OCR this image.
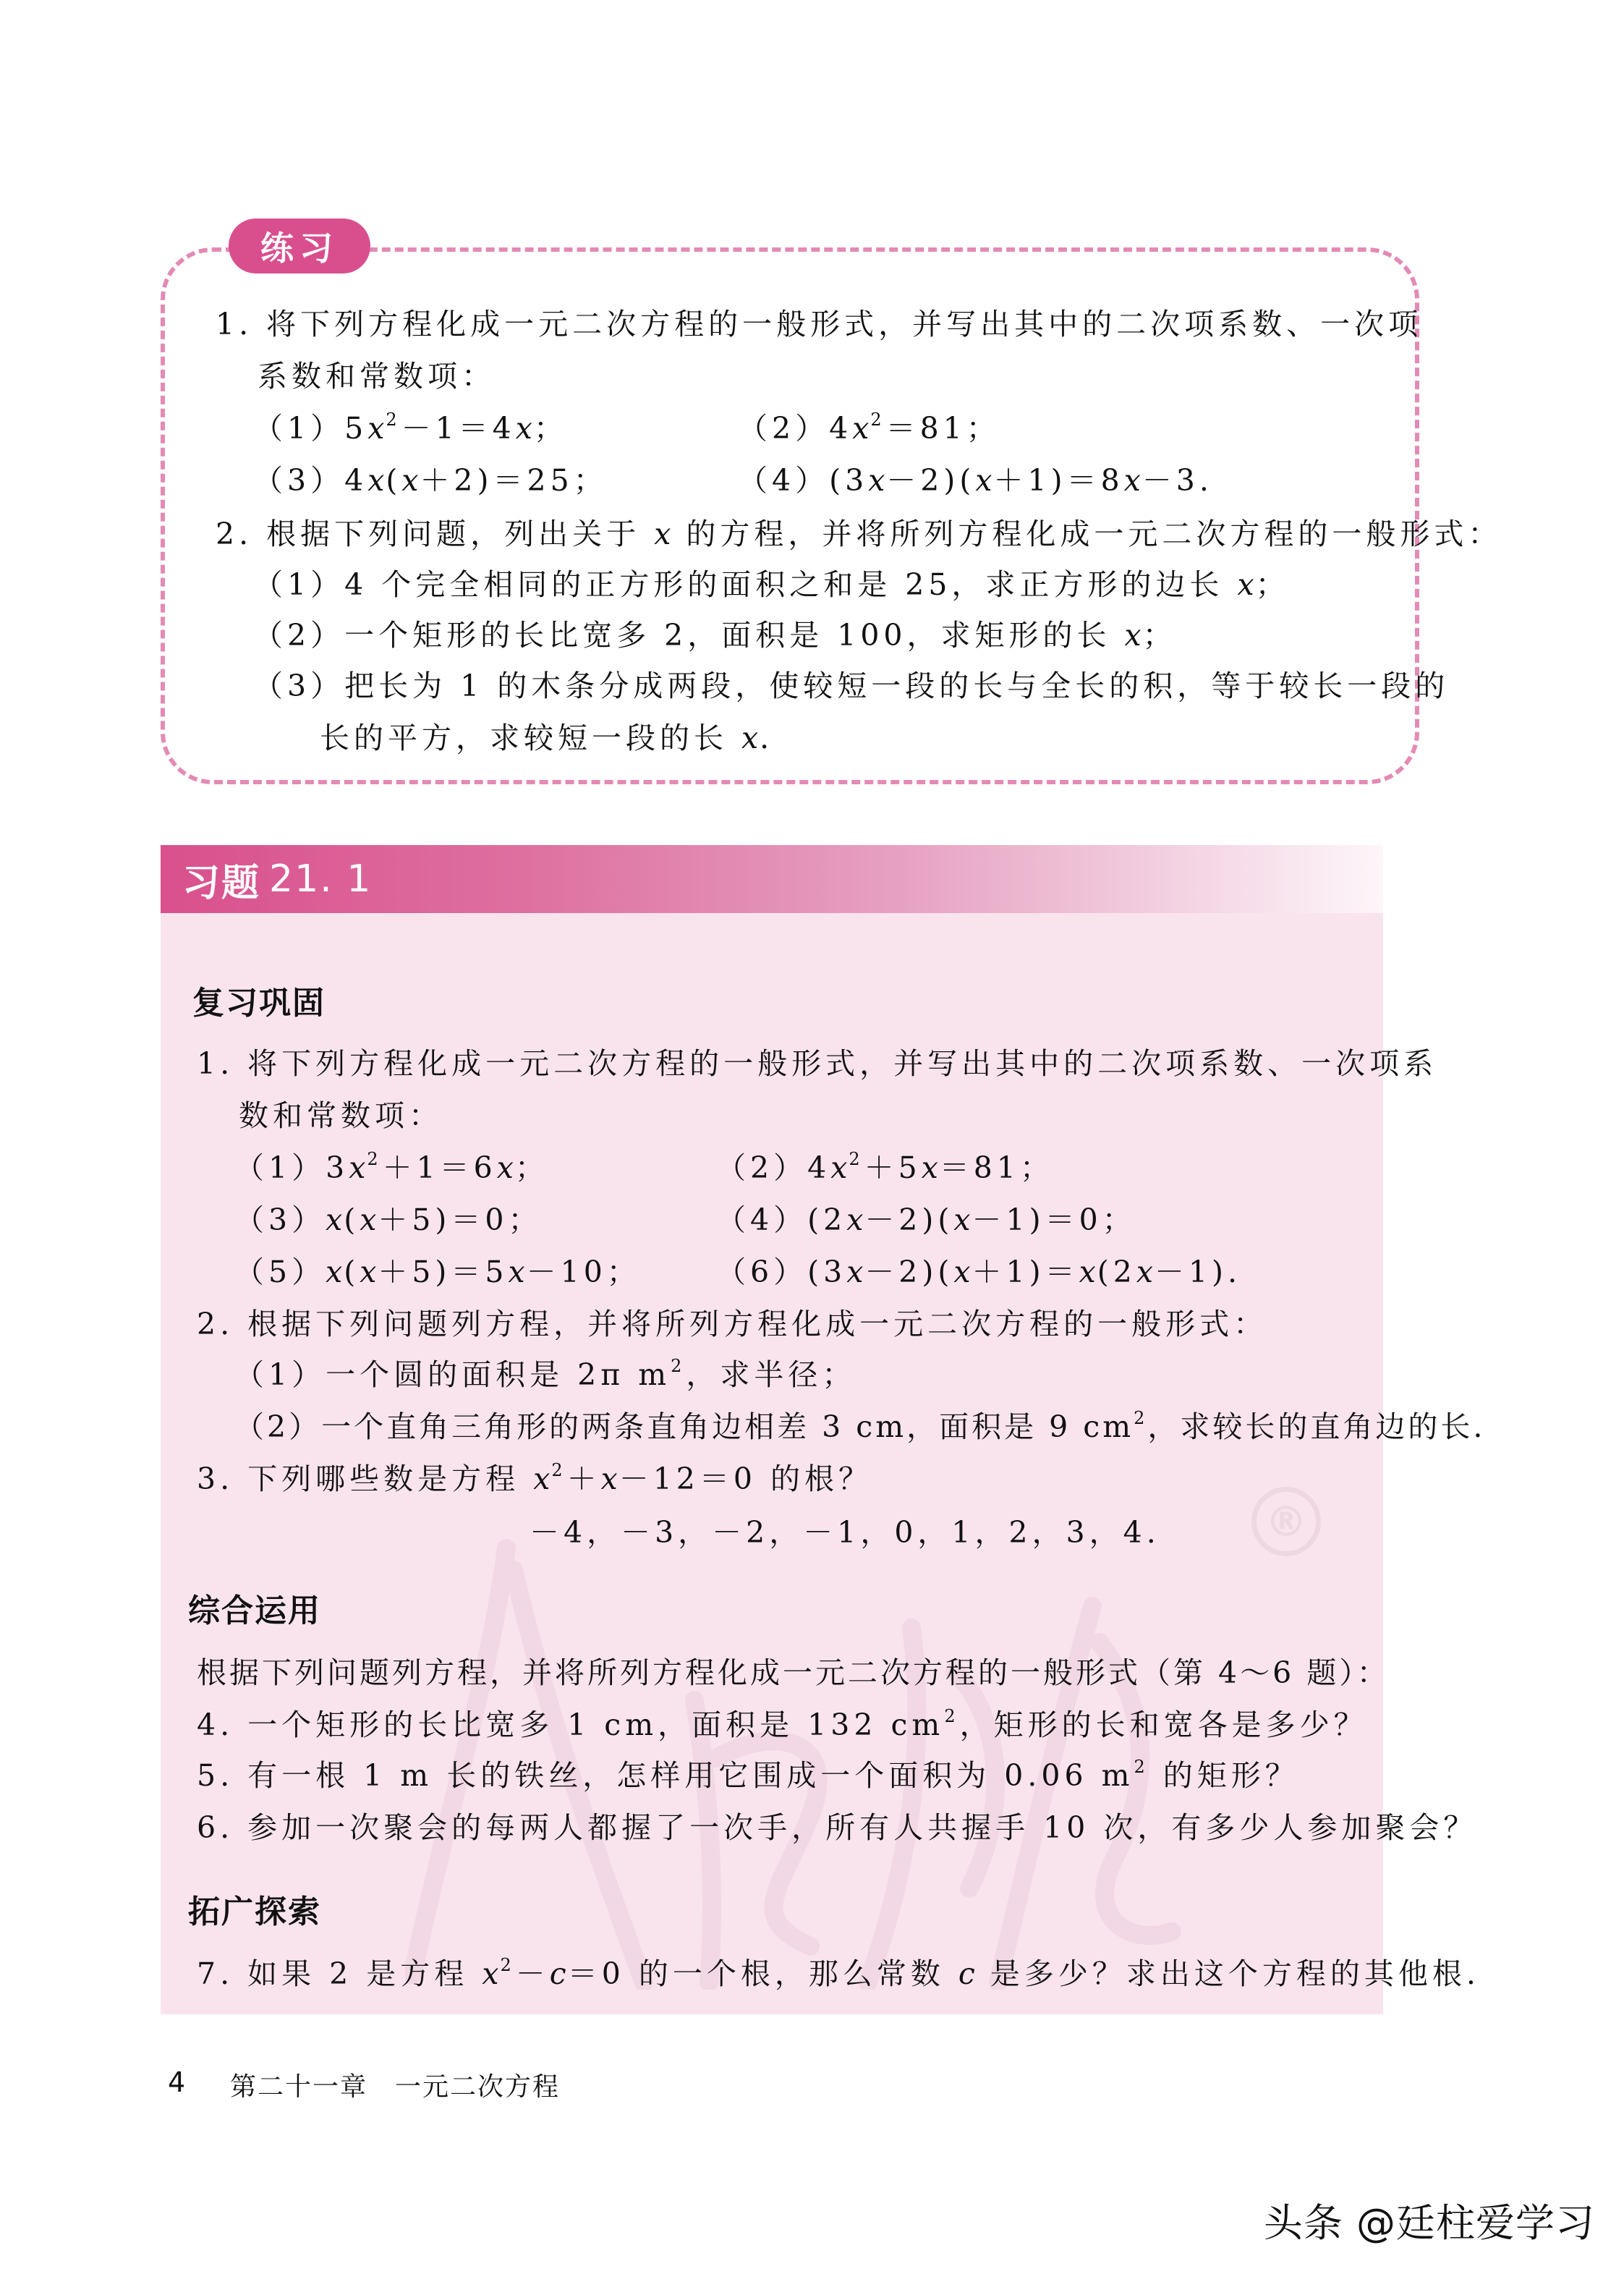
练习
1. 将下列方程化成一元二次方程的一般形式，并写出其中的二次项系数、一次项
系数和常数项：
$(1)5x^2-1=4x$；	$(2)4x^2=81$；
（3）4x(x＋2)＝25；	（4）(3x－2)(x＋1)＝8x－3.
2. 根据下列问题，列出关于 x 的方程，并将所列方程化成一元二次方程的一般形式：
（1）4 个完全相同的正方形的面积之和是 25，求正方形的边长 x；
（2）一个矩形的长比宽多 2，面积是 100，求矩形的长 x；
（3）把长为 1 的木条分成两段，使较短一段的长与全长的积，等于较长一段的
长的平方，求较短一段的长 x.
®
习题 21. 1
复习巩固
1. 将下列方程化成一元二次方程的一般形式，并写出其中的二次项系数、一次项系
数和常数项：
$(1)3x^2+1=6x$；	$(2)4x^2+5x=81$；
（3）x(x＋5)＝0；	（4）(2x－2)(x－1)＝0；
（5）x(x＋5)＝5x－10；	（6）(3x－2)(x＋1)＝x(2x－1).
2. 根据下列问题列方程，并将所列方程化成一元二次方程的一般形式：
（1）一个圆的面积是 2π $m^2$，求半径；
（2）一个直角三角形的两条直角边相差 3 cm，面积是 9 $cm^2$，求较长的直角边的长.
3. 下列哪些数是方程 $x^2+x-12=0$ 的根？
－4，－3，－2，－1，0，1，2，3，4.
综合运用
根据下列问题列方程，并将所列方程化成一元二次方程的一般形式（第 4～6 题）：
4. 一个矩形的长比宽多 1 cm，面积是 132 $cm^2$，矩形的长和宽各是多少？
5. 有一根 1 m 长的铁丝，怎样用它围成一个面积为 0.06 $m^2$ 的矩形？
6. 参加一次聚会的每两人都握了一次手，所有人共握手 10 次，有多少人参加聚会？
拓广探索
7. 如果 2 是方程 $x^2-c=0$ 的一个根，那么常数 c 是多少？求出这个方程的其他根.
4 第二十一章　一元二次方程
头条 @廷柱爱学习
